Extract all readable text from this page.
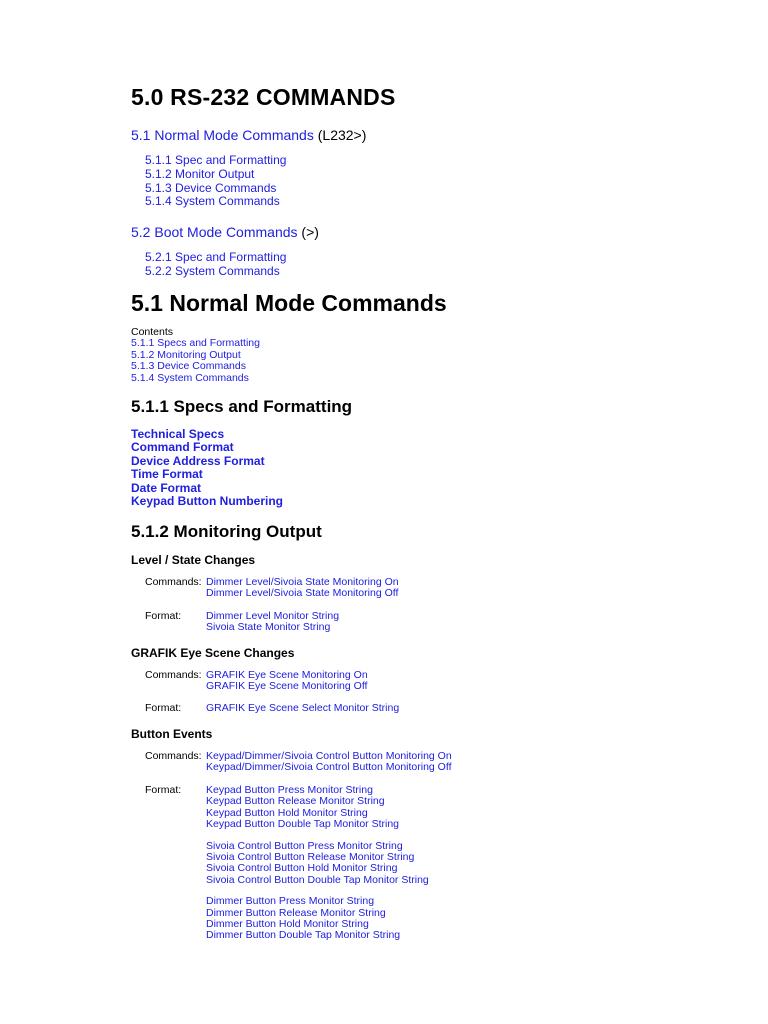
5.0 RS-232 COMMANDS
5.1 Normal Mode Commands (L232>)
5.1.1 Spec and Formatting
5.1.2 Monitor Output
5.1.3 Device Commands
5.1.4 System Commands
5.2 Boot Mode Commands (>)
5.2.1 Spec and Formatting
5.2.2 System Commands
5.1 Normal Mode Commands
Contents
5.1.1 Specs and Formatting
5.1.2 Monitoring Output
5.1.3 Device Commands
5.1.4 System Commands
5.1.1 Specs and Formatting
Technical Specs
Command Format
Device Address Format
Time Format
Date Format
Keypad Button Numbering
5.1.2 Monitoring Output
Level / State Changes
Commands: Dimmer Level/Sivoia State Monitoring On
Dimmer Level/Sivoia State Monitoring Off
Format:	Dimmer Level Monitor String
Sivoia State Monitor String
GRAFIK Eye Scene Changes
Commands: GRAFIK Eye Scene Monitoring On
GRAFIK Eye Scene Monitoring Off
Format:	GRAFIK Eye Scene Select Monitor String
Button Events
Commands: Keypad/Dimmer/Sivoia Control Button Monitoring On
Keypad/Dimmer/Sivoia Control Button Monitoring Off
Format:	Keypad Button Press Monitor String
Keypad Button Release Monitor String
Keypad Button Hold Monitor String
Keypad Button Double Tap Monitor String
Sivoia Control Button Press Monitor String
Sivoia Control Button Release Monitor String
Sivoia Control Button Hold Monitor String
Sivoia Control Button Double Tap Monitor String
Dimmer Button Press Monitor String
Dimmer Button Release Monitor String
Dimmer Button Hold Monitor String
Dimmer Button Double Tap Monitor String
